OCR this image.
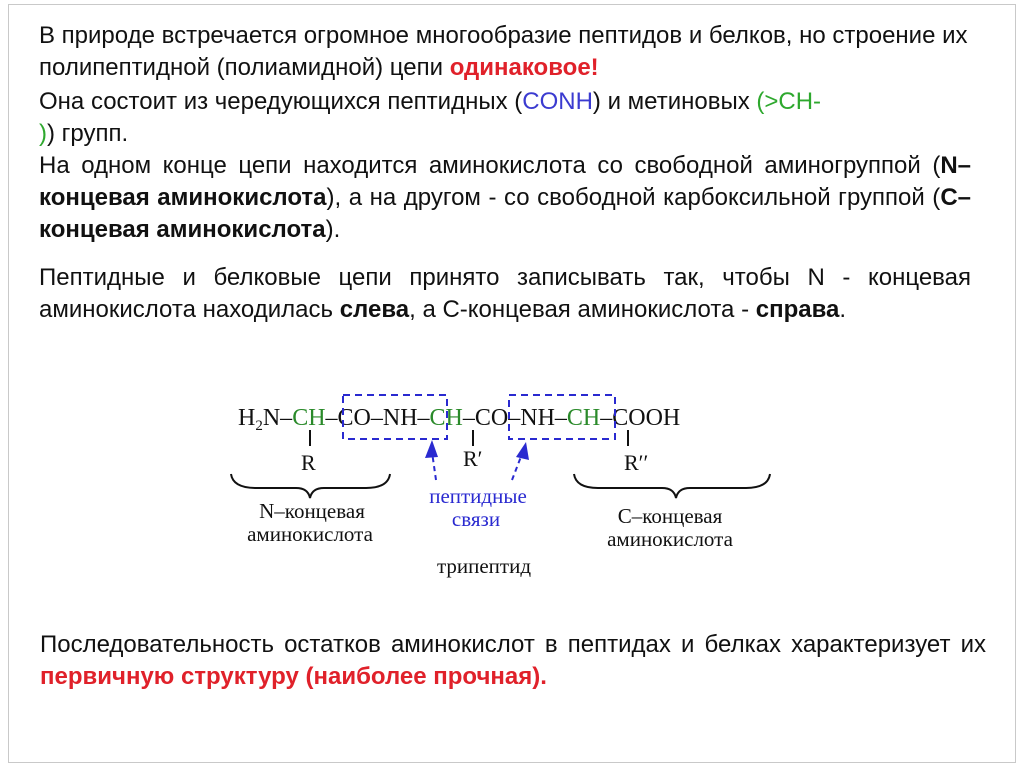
В природе встречается огромное многообразие пептидов и белков, но строение их полипептидной (полиамидной) цепи одинаковое!
Она состоит из чередующихся пептидных (CONH) и метиновых (>CH-
)) групп.
На одном конце цепи находится аминокислота со свободной аминогруппой (N–концевая аминокислота), а на другом - со свободной карбоксильной группой (С–концевая аминокислота).
Пептидные и белковые цепи принято записывать так, чтобы N - концевая аминокислота находилась слева, а С-концевая аминокислота - справа.
$H_2N-CH-CO-NH-CH-CO-NH-CH$–COOH
R	R′	R′′
N–концевая
аминокислота
пептидные
связи	С–концевая
аминокислота
трипептид
Последовательность остатков аминокислот в пептидах и белках характеризует их первичную структуру (наиболее прочная).
